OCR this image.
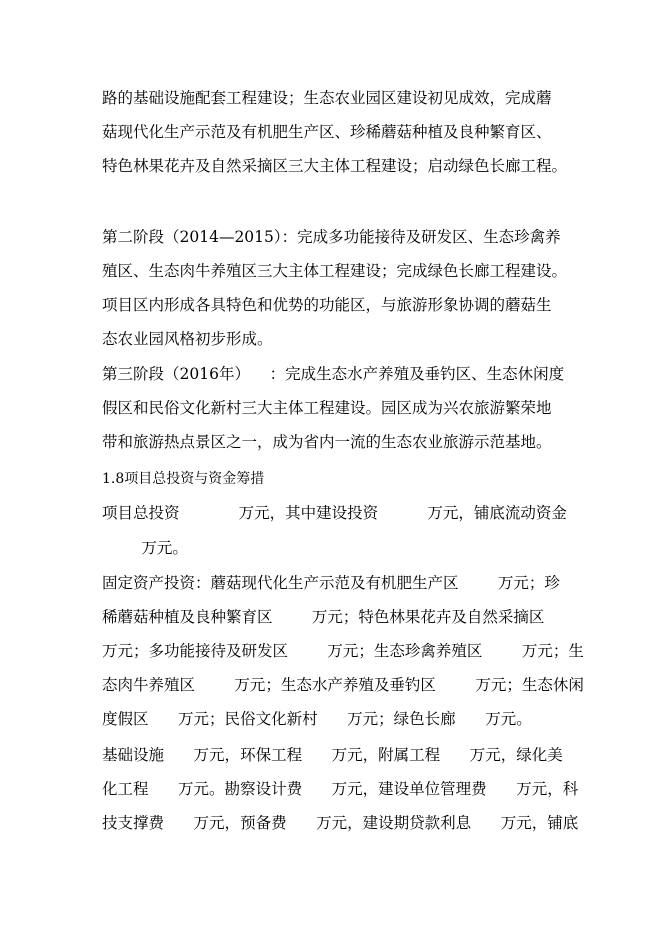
路的基础设施配套工程建设；生态农业园区建设初见成效，完成蘑

菇现代化生产示范及有机肥生产区、珍稀蘑菇种植及良种繁育区、

特色林果花卉及自然采摘区三大主体工程建设；启动绿色长廊工程。

第二阶段（2014—2015）：完成多功能接待及研发区、生态珍禽养

殖区、生态肉牛养殖区三大主体工程建设；完成绿色长廊工程建设。

项目区内形成各具特色和优势的功能区，与旅游形象协调的蘑菇生

态农业园风格初步形成。

第三阶段（2016年）    ：完成生态水产养殖及垂钓区、生态休闲度

假区和民俗文化新村三大主体工程建设。园区成为兴农旅游繁荣地

带和旅游热点景区之一，成为省内一流的生态农业旅游示范基地。

1.8项目总投资与资金筹措

项目总投资            万元，其中建设投资          万元，铺底流动资金

万元。

固定资产投资：蘑菇现代化生产示范及有机肥生产区        万元；珍

稀蘑菇种植及良种繁育区        万元；特色林果花卉及自然采摘区

万元；多功能接待及研发区        万元；生态珍禽养殖区        万元；生

态肉牛养殖区        万元；生态水产养殖及垂钓区        万元；生态休闲

度假区      万元；民俗文化新村      万元；绿色长廊      万元。

基础设施      万元，环保工程      万元，附属工程      万元，绿化美

化工程      万元。勘察设计费      万元，建设单位管理费      万元，科

技支撑费      万元，预备费      万元，建设期贷款利息      万元，铺底
